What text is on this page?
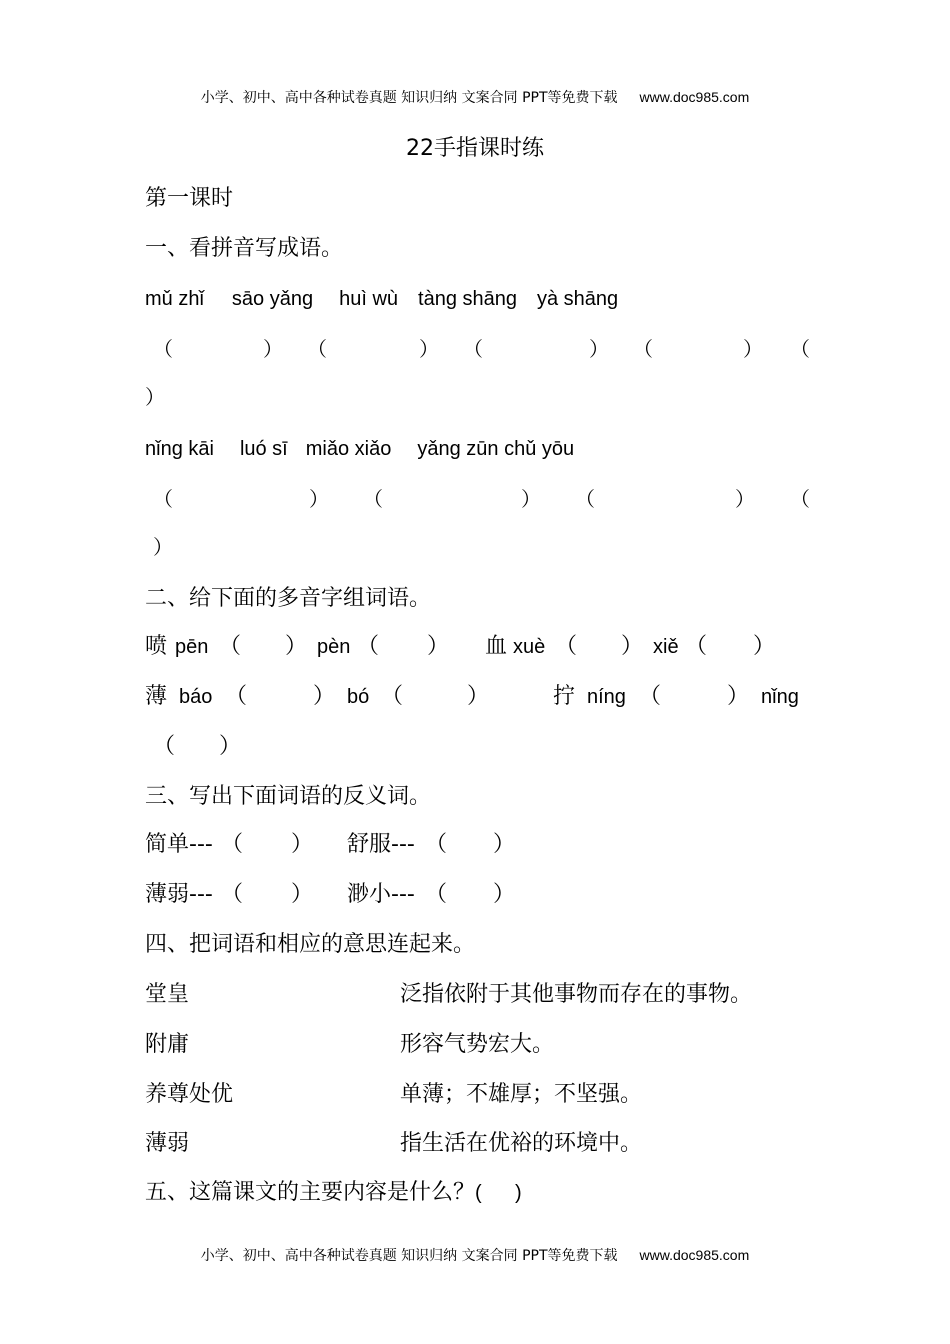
小学、初中、高中各种试卷真题 知识归纳 文案合同 PPT等免费下载 www.doc985.com
22手指课时练
第一课时
一、看拼音写成语。
mǔ zhǐ sāo yǎng huì wù tàng shāng yà shāng
（	） （	） （	） （	） （
）
nǐng kāi luó sī miǎo xiǎo yǎng zūn chǔ yōu
（	） （	） （	） （
）
二、给下面的多音字组词语。
喷 pēn （ ） pèn （ ） 血 xuè （ ） xiě （ ）
薄 báo （	） bó （	）	拧 níng （	） nǐng
（ ）
三、写出下面词语的反义词。
简单--- （ ） 舒服--- （ ）
薄弱--- （ ） 渺小--- （ ）
四、把词语和相应的意思连起来。
堂皇	泛指依附于其他事物而存在的事物。
附庸	形容气势宏大。
养尊处优	单薄；不雄厚；不坚强。
薄弱	指生活在优裕的环境中。
五、这篇课文的主要内容是什么？(      )
小学、初中、高中各种试卷真题 知识归纳 文案合同 PPT等免费下载 www.doc985.com
